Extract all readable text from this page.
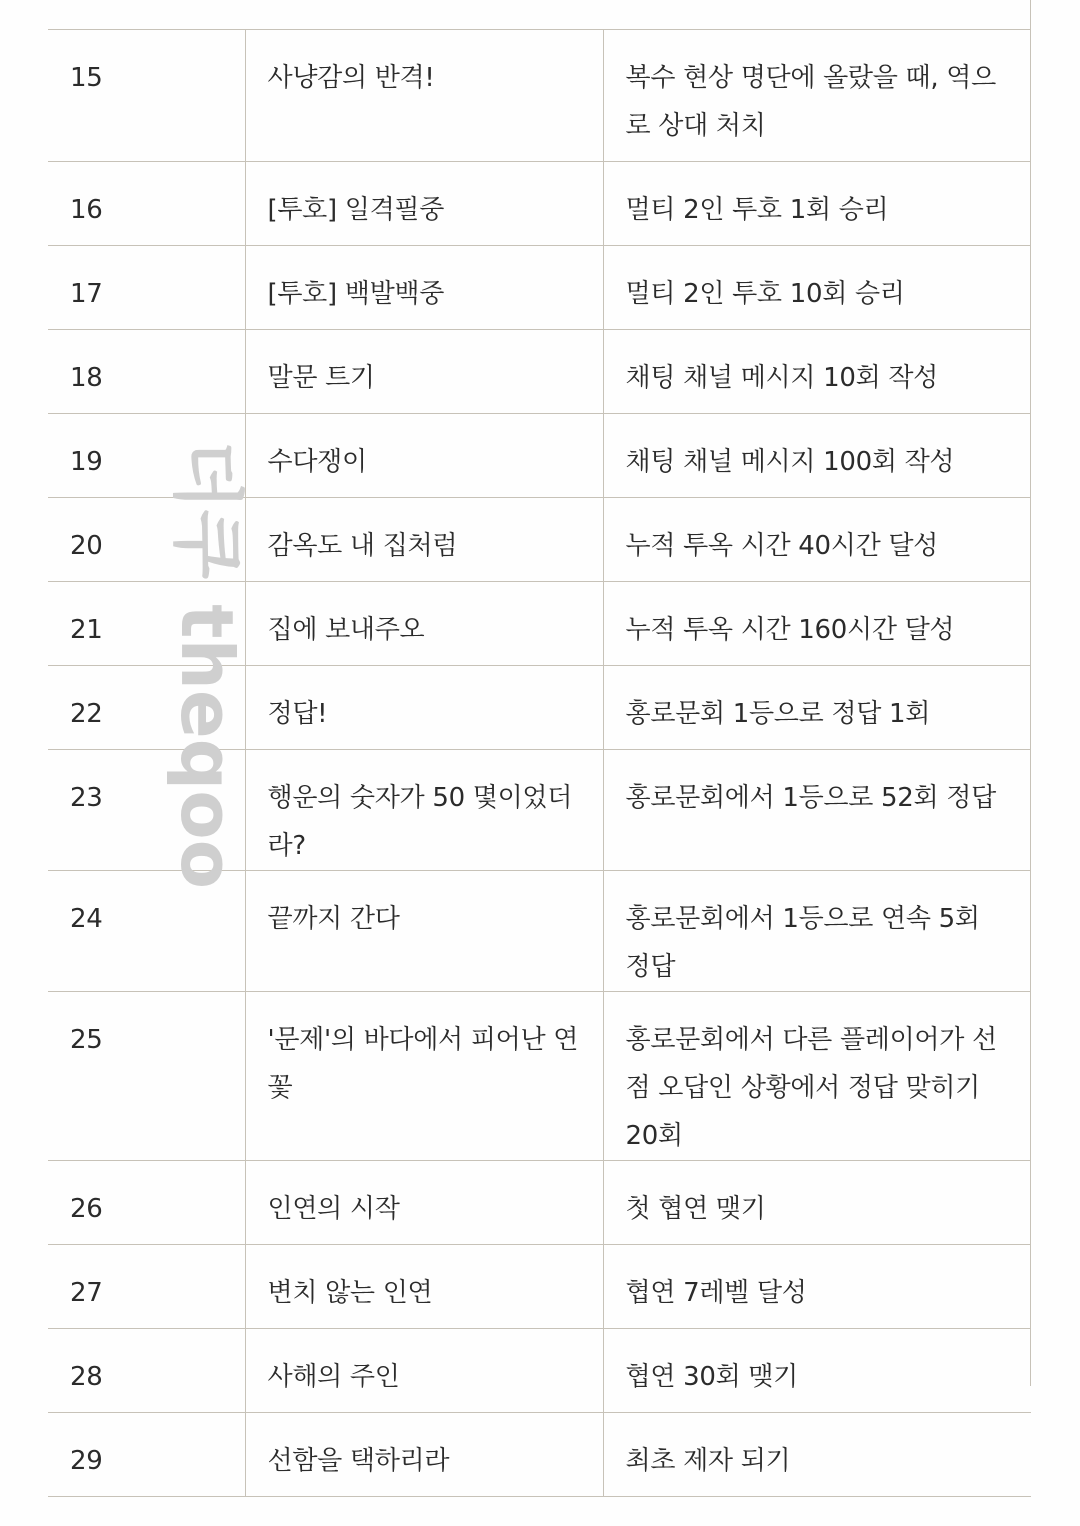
15	사냥감의 반격!	복수 현상 명단에 올랐을 때, 역으로 상대 처치

16	[투호] 일격필중	멀티 2인 투호 1회 승리

17	[투호] 백발백중	멀티 2인 투호 10회 승리

18	말문 트기	채팅 채널 메시지 10회 작성

19	수다쟁이	채팅 채널 메시지 100회 작성

20	감옥도 내 집처럼	누적 투옥 시간 40시간 달성

21	집에 보내주오	누적 투옥 시간 160시간 달성

22	정답!	홍로문회 1등으로 정답 1회

23	행운의 숫자가 50 몇이었더라?	홍로문회에서 1등으로 52회 정답

24	끝까지 간다	홍로문회에서 1등으로 연속 5회 정답

25	'문제'의 바다에서 피어난 연꽃	홍로문회에서 다른 플레이어가 선점 오답인 상황에서 정답 맞히기 20회

26	인연의 시작	첫 협연 맺기

27	변치 않는 인연	협연 7레벨 달성

28	사해의 주인	협연 30회 맺기

29	선함을 택하리라	최초 제자 되기
더쿠 theqoo
